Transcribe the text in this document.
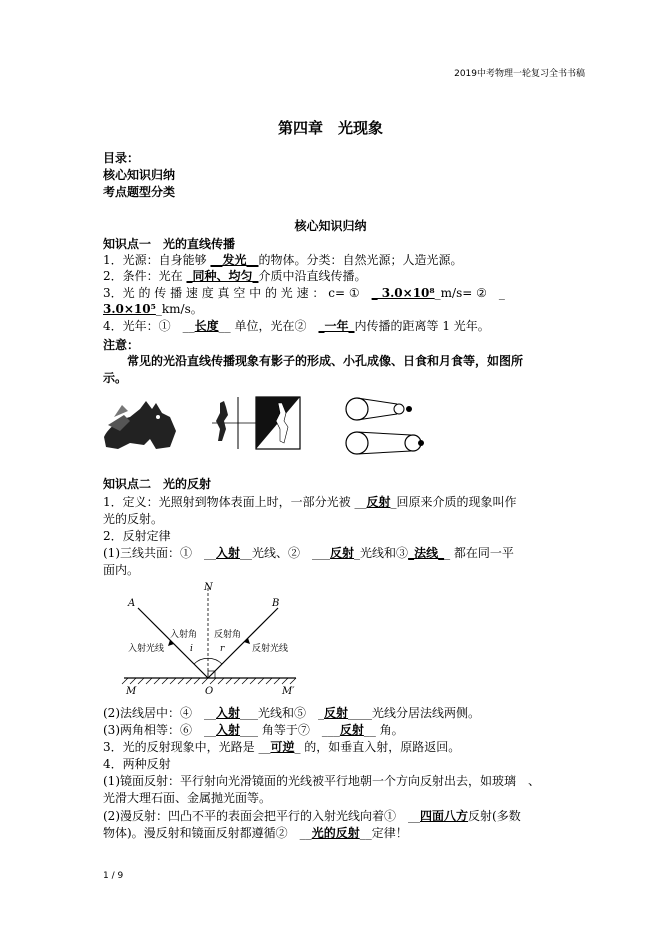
2019中考物理一轮复习全书书稿
第四章　光现象
目录：
核心知识归纳
考点题型分类
核心知识归纳
知识点一　光的直线传播
1．光源：自身能够 __发光__的物体。分类：自然光源；人造光源。
2．条件：光在 _同种、均匀_介质中沿直线传播。
3．光 的 传 播 速 度 真 空 中 的 光 速 ： c= ①　_ 3.0×10⁸_m/s= ②　_
3.0×10⁵_km/s。
4．光年：①　__长度__ 单位，光在②　_一年_内传播的距离等 1 光年。
注意：
　　常见的光沿直线传播现象有影子的形成、小孔成像、日食和月食等，如图所
示。
知识点二　光的反射
1．定义：光照射到物体表面上时，一部分光被 __反射_回原来介质的现象叫作
光的反射。
2．反射定律
(1)三线共面：①　__入射__光线、②　___反射_光线和③_法线__ 都在同一平
面内。
A	B
N
O
M	M′
入射角 反射角
i	r
入射光线	反射光线
(2)法线居中：④　__入射___光线和⑤　_反射____光线分居法线两侧。
(3)两角相等：⑥　__入射___ 角等于⑦　___反射__ 角。
3．光的反射现象中，光路是 __可逆_ 的，如垂直入射，原路返回。
4．两种反射
(1)镜面反射：平行射向光滑镜面的光线被平行地朝一个方向反射出去，如玻璃　、
光滑大理石面、金属抛光面等。
(2)漫反射：凹凸不平的表面会把平行的入射光线向着①　__四面八方反射(多数
物体)。漫反射和镜面反射都遵循②　__光的反射__定律！
1 / 9
